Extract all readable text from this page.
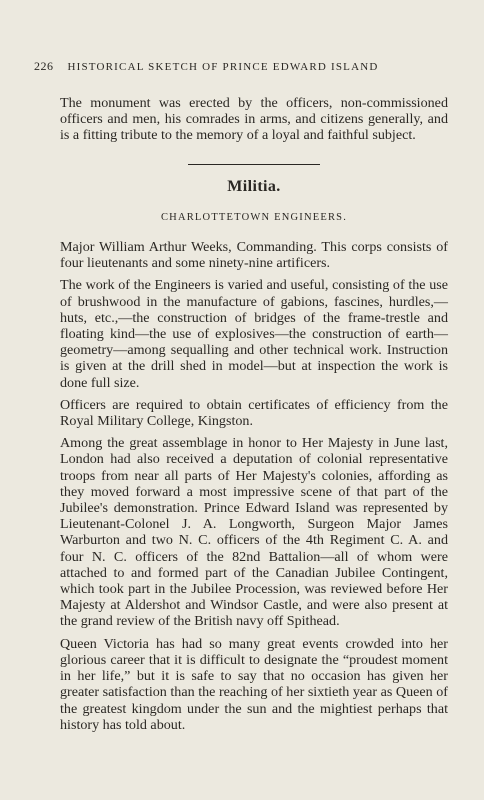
226 HISTORICAL SKETCH OF PRINCE EDWARD ISLAND

The monument was erected by the officers, non-commissioned officers and men, his comrades in arms, and citizens generally, and is a fitting tribute to the memory of a loyal and faithful subject.

Militia.
CHARLOTTETOWN ENGINEERS.

Major William Arthur Weeks, Commanding. This corps consists of four lieutenants and some ninety-nine artificers.

The work of the Engineers is varied and useful, consisting of the use of brushwood in the manufacture of gabions, fascines, hurdles,—huts, etc.,—the construction of bridges of the frame-trestle and floating kind—the use of explosives—the construction of earth—geometry—among sequalling and other technical work. Instruction is given at the drill shed in model—but at inspection the work is done full size.

Officers are required to obtain certificates of efficiency from the Royal Military College, Kingston.

Among the great assemblage in honor to Her Majesty in June last, London had also received a deputation of colonial representative troops from near all parts of Her Majesty's colonies, affording as they moved forward a most impressive scene of that part of the Jubilee's demonstration. Prince Edward Island was represented by Lieutenant-Colonel J. A. Longworth, Surgeon Major James Warburton and two N. C. officers of the 4th Regiment C. A. and four N. C. officers of the 82nd Battalion—all of whom were attached to and formed part of the Canadian Jubilee Contingent, which took part in the Jubilee Procession, was reviewed before Her Majesty at Aldershot and Windsor Castle, and were also present at the grand review of the British navy off Spithead.

Queen Victoria has had so many great events crowded into her glorious career that it is difficult to designate the “proudest moment in her life,” but it is safe to say that no occasion has given her greater satisfaction than the reaching of her sixtieth year as Queen of the greatest kingdom under the sun and the mightiest perhaps that history has told about.
